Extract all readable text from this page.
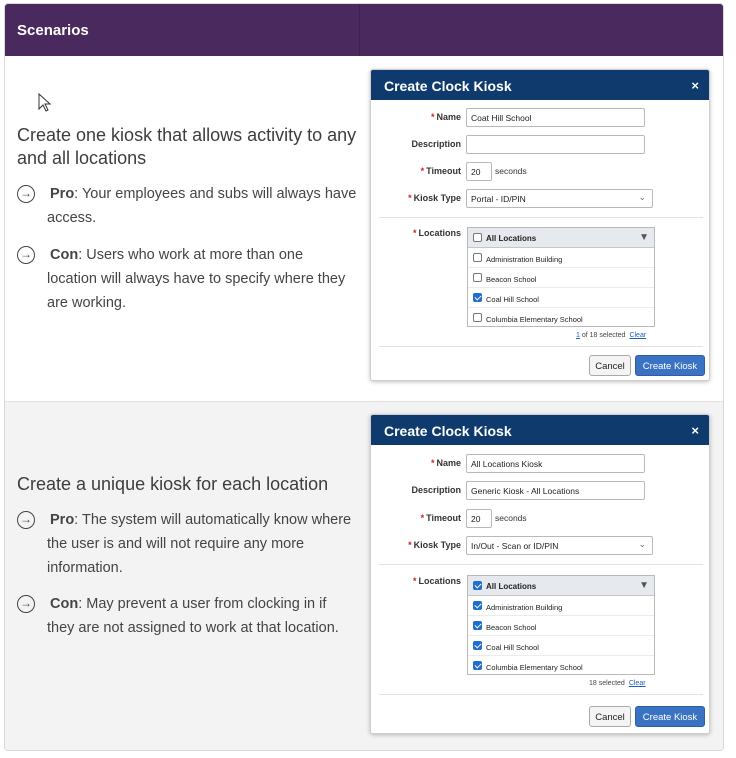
Scenarios
Create one kiosk that allows activity to any and all locations
→	Pro: Your employees and subs will always have access.
→	Con: Users who work at more than one location will always have to specify where they are working.
Create Clock Kiosk	×
* Name	Coat Hill School
Description
* Timeout	20	seconds
* Kiosk Type	Portal - ID/PIN	⌄
* Locations
All Locations	▼
Administration Building
Beacon School
Coal Hill School
Columbia Elementary School
1 of 18 selected Clear
Cancel	Create Kiosk
Create a unique kiosk for each location
→	Pro: The system will automatically know where the user is and will not require any more information.
→	Con: May prevent a user from clocking in if they are not assigned to work at that location.
Create Clock Kiosk	×
* Name	All Locations Kiosk
Description	Generic Kiosk - All Locations
* Timeout	20	seconds
* Kiosk Type	In/Out - Scan or ID/PIN	⌄
* Locations
All Locations	▼
Administration Building
Beacon School
Coal Hill School
Columbia Elementary School
18 selected Clear
Cancel	Create Kiosk
